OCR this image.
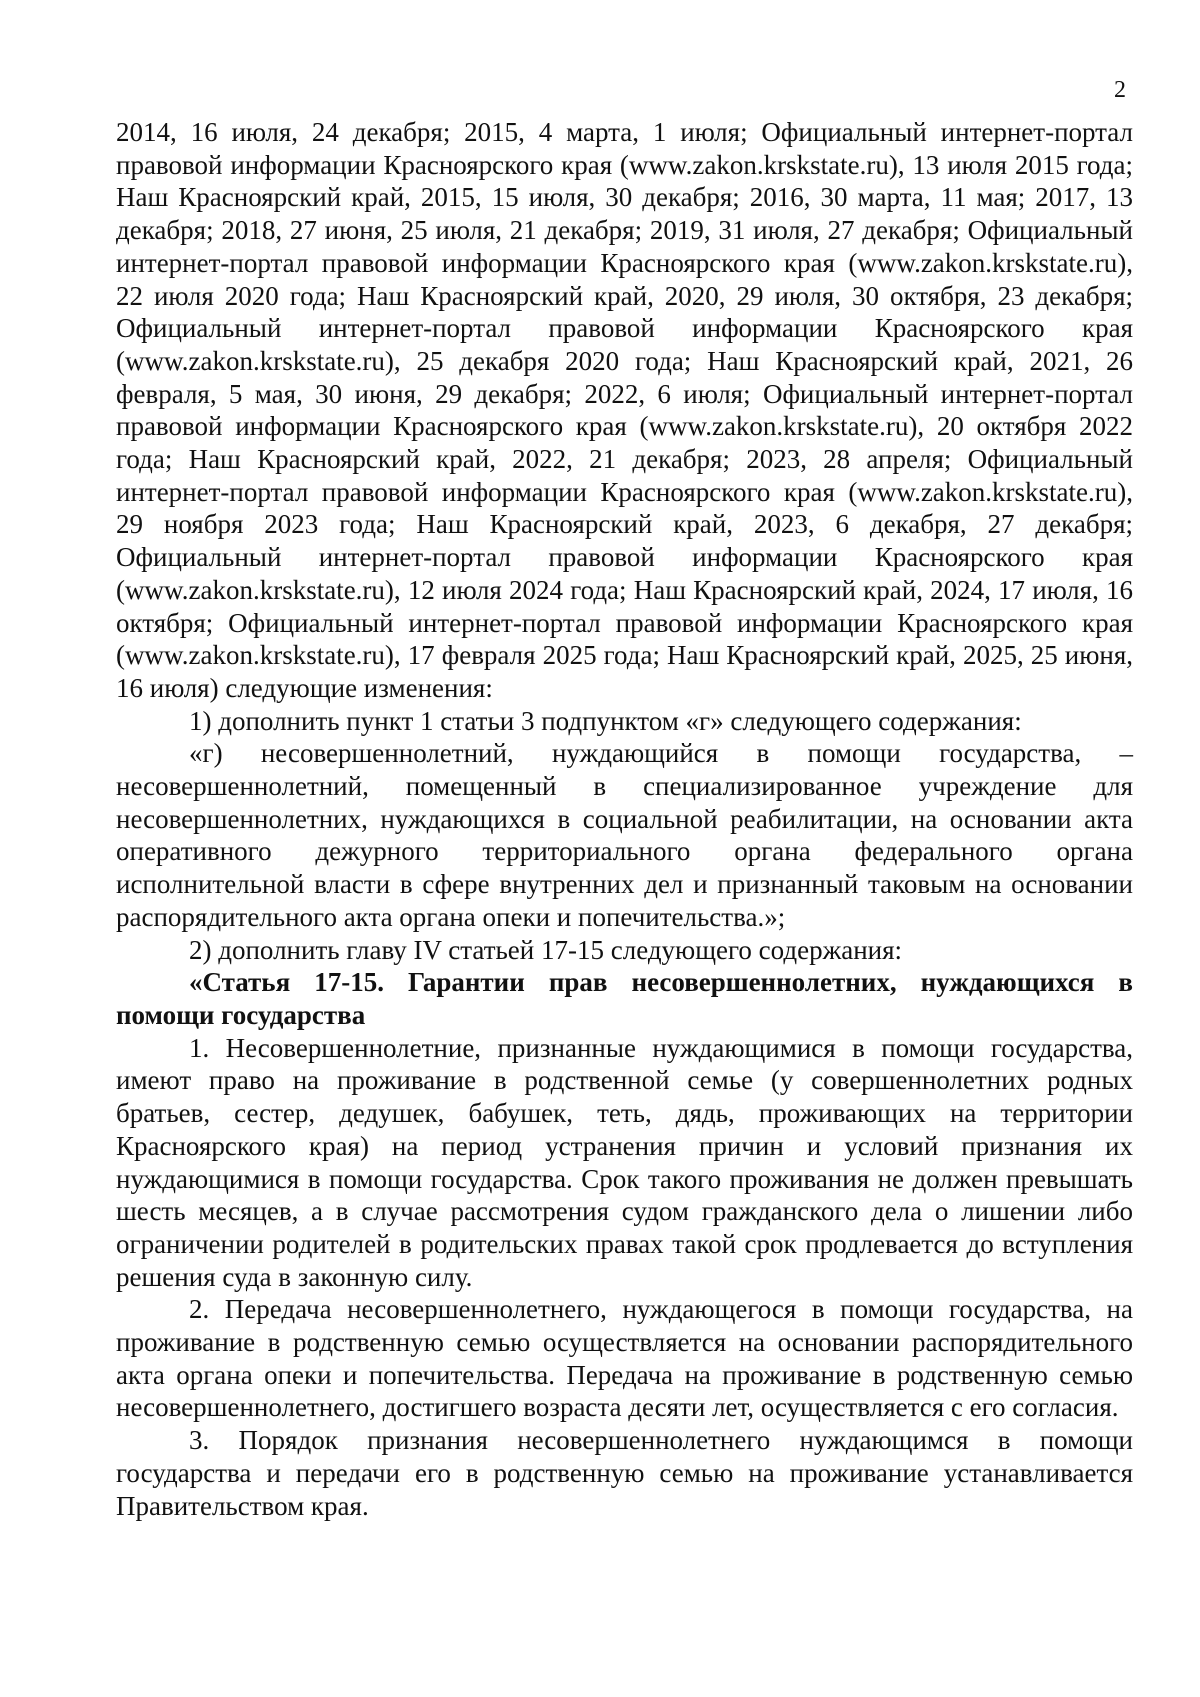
2

2014, 16 июля, 24 декабря; 2015, 4 марта, 1 июля; Официальный интернет-портал правовой информации Красноярского края (www.zakon.krskstate.ru), 13 июля 2015 года; Наш Красноярский край, 2015, 15 июля, 30 декабря; 2016, 30 марта, 11 мая; 2017, 13 декабря; 2018, 27 июня, 25 июля, 21 декабря; 2019, 31 июля, 27 декабря; Официальный интернет-портал правовой информации Красноярского края (www.zakon.krskstate.ru), 22 июля 2020 года; Наш Красноярский край, 2020, 29 июля, 30 октября, 23 декабря; Официальный интернет-портал правовой информации Красноярского края (www.zakon.krskstate.ru), 25 декабря 2020 года; Наш Красноярский край, 2021, 26 февраля, 5 мая, 30 июня, 29 декабря; 2022, 6 июля; Официальный интернет-портал правовой информации Красноярского края (www.zakon.krskstate.ru), 20 октября 2022 года; Наш Красноярский край, 2022, 21 декабря; 2023, 28 апреля; Официальный интернет-портал правовой информации Красноярского края (www.zakon.krskstate.ru), 29 ноября 2023 года; Наш Красноярский край, 2023, 6 декабря, 27 декабря; Официальный интернет-портал правовой информации Красноярского края (www.zakon.krskstate.ru), 12 июля 2024 года; Наш Красноярский край, 2024, 17 июля, 16 октября; Официальный интернет-портал правовой информации Красноярского края (www.zakon.krskstate.ru), 17 февраля 2025 года; Наш Красноярский край, 2025, 25 июня, 16 июля) следующие изменения:

1) дополнить пункт 1 статьи 3 подпунктом «г» следующего содержания:

«г) несовершеннолетний, нуждающийся в помощи государства, – несовершеннолетний, помещенный в специализированное учреждение для несовершеннолетних, нуждающихся в социальной реабилитации, на основании акта оперативного дежурного территориального органа федерального органа исполнительной власти в сфере внутренних дел и признанный таковым на основании распорядительного акта органа опеки и попечительства.»;

2) дополнить главу IV статьей 17-15 следующего содержания:

«Статья 17-15. Гарантии прав несовершеннолетних, нуждающихся в помощи государства

1. Несовершеннолетние, признанные нуждающимися в помощи государства, имеют право на проживание в родственной семье (у совершеннолетних родных братьев, сестер, дедушек, бабушек, теть, дядь, проживающих на территории Красноярского края) на период устранения причин и условий признания их нуждающимися в помощи государства. Срок такого проживания не должен превышать шесть месяцев, а в случае рассмотрения судом гражданского дела о лишении либо ограничении родителей в родительских правах такой срок продлевается до вступления решения суда в законную силу.

2. Передача несовершеннолетнего, нуждающегося в помощи государства, на проживание в родственную семью осуществляется на основании распорядительного акта органа опеки и попечительства. Передача на проживание в родственную семью несовершеннолетнего, достигшего возраста десяти лет, осуществляется с его согласия.

3. Порядок признания несовершеннолетнего нуждающимся в помощи государства и передачи его в родственную семью на проживание устанавливается Правительством края.
